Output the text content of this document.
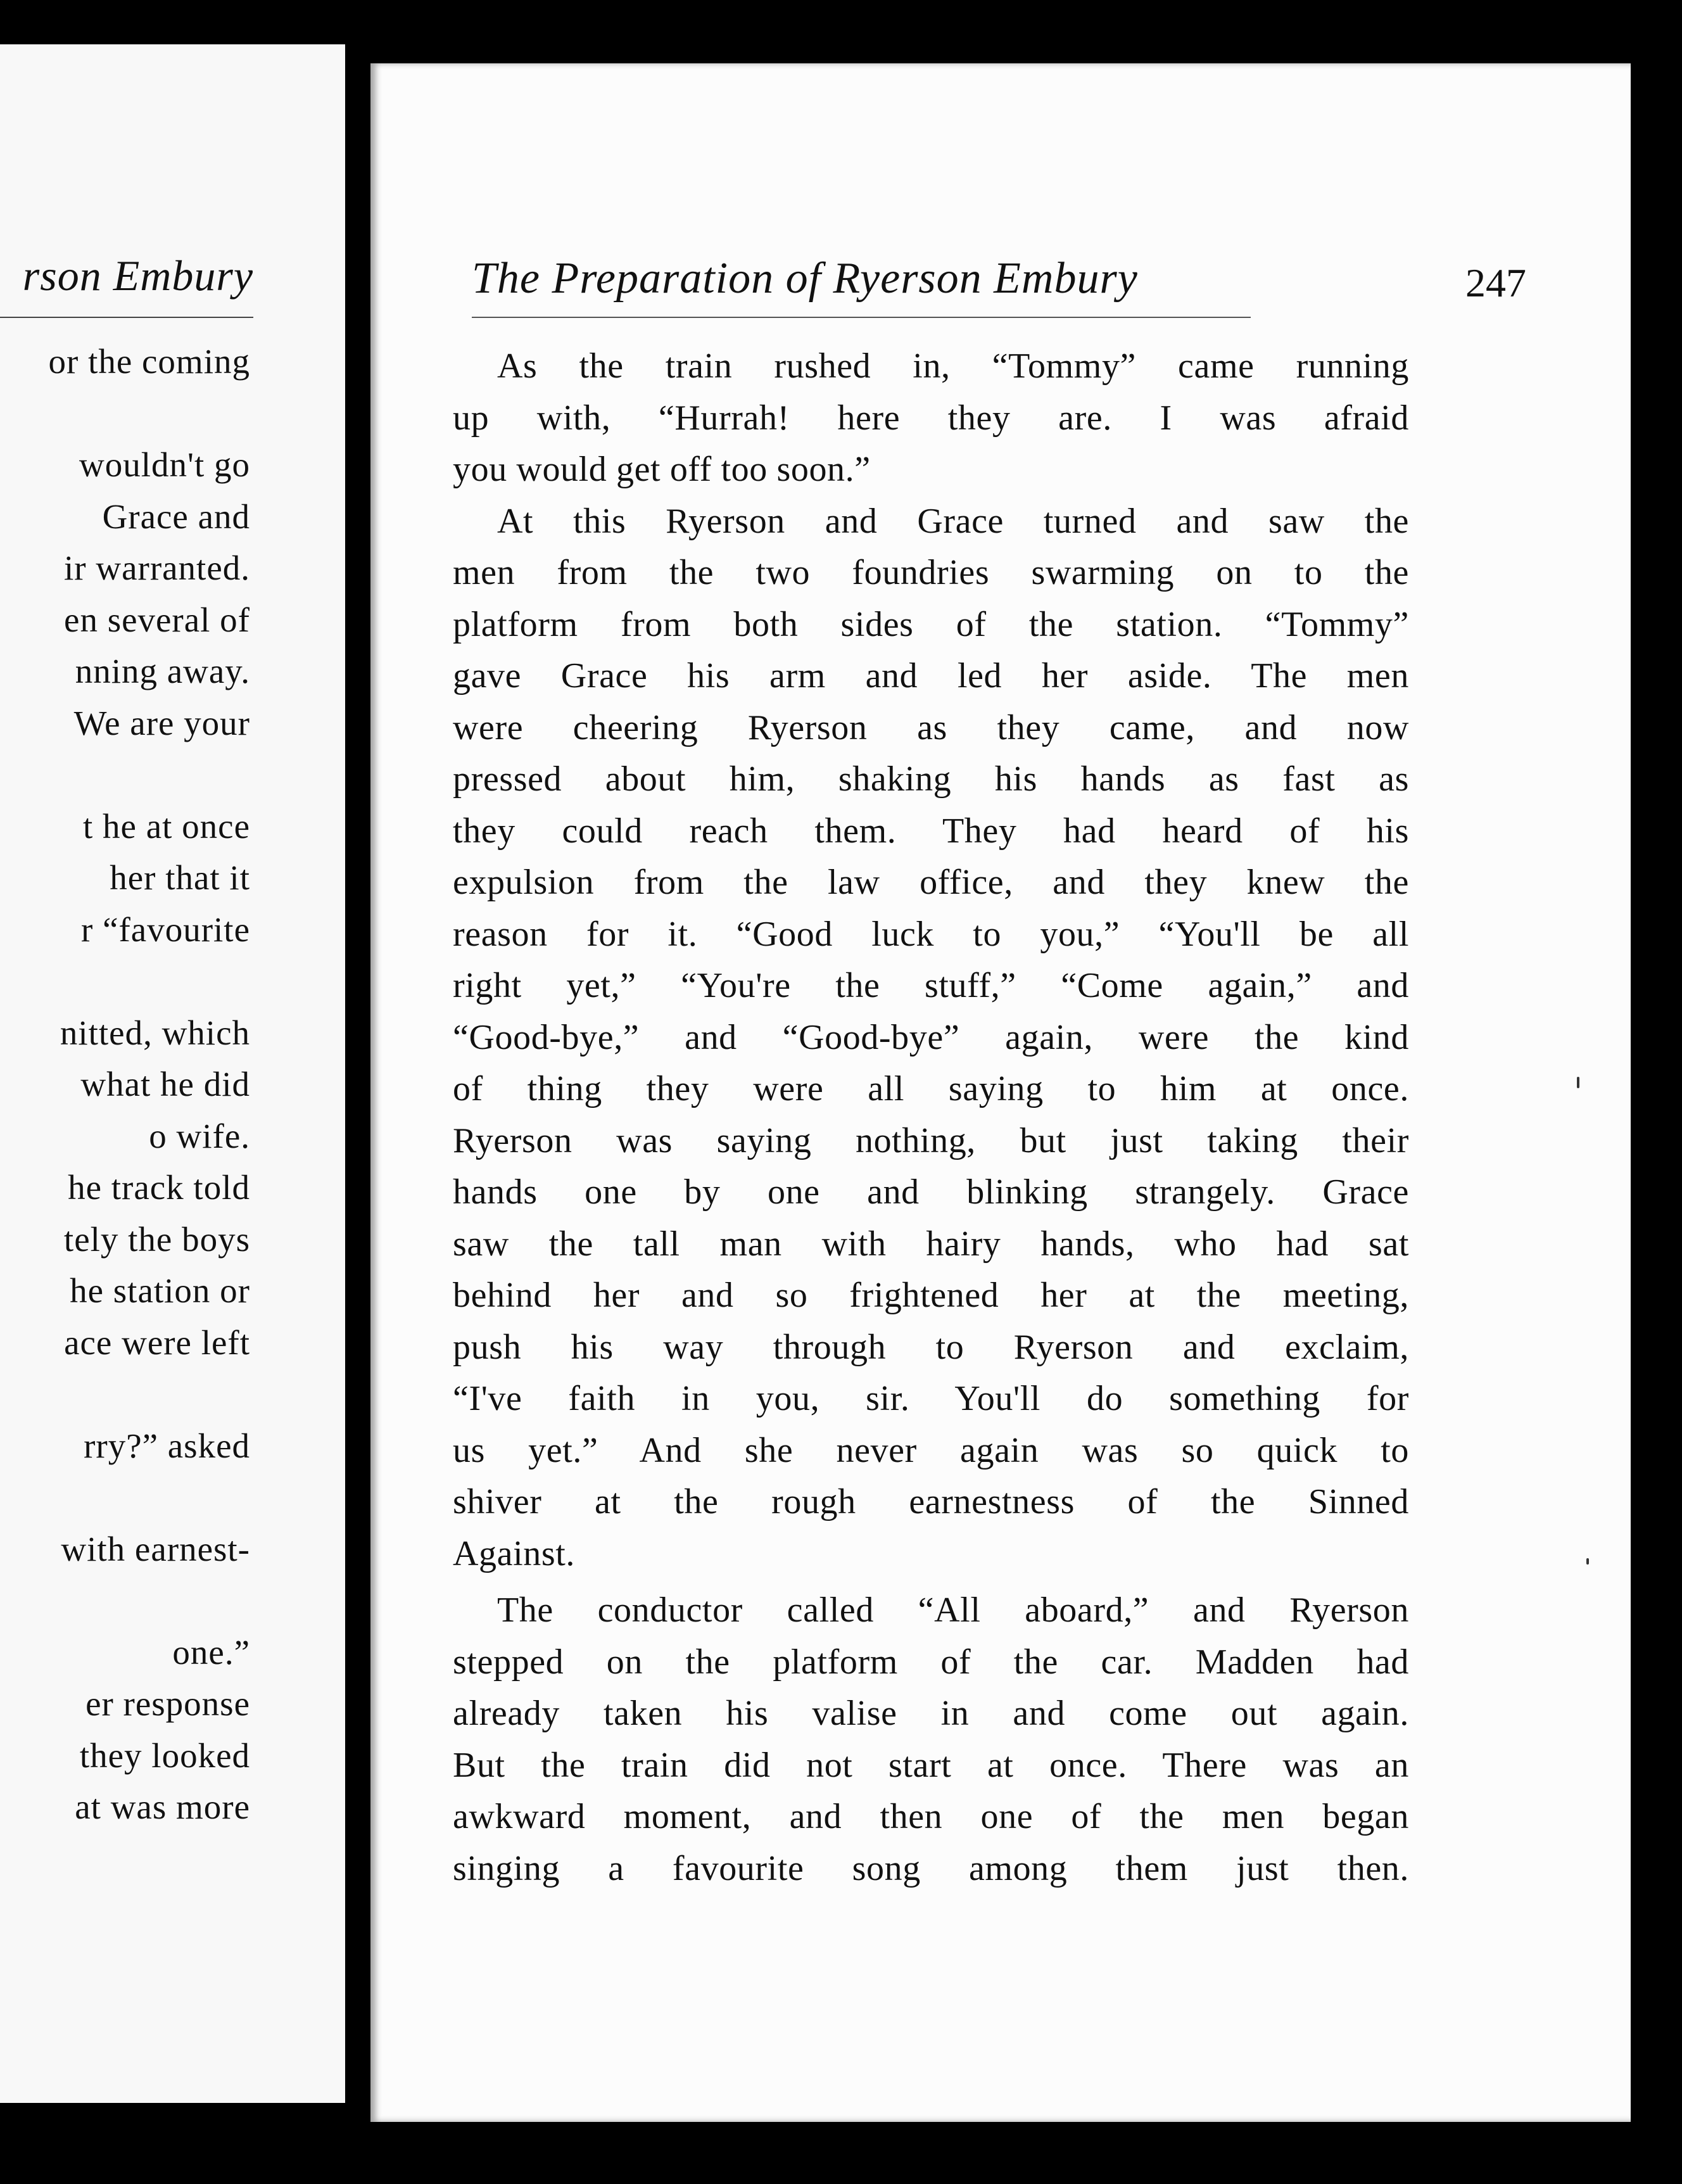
rson Embury
or the coming
wouldn't go
Grace and
ir warranted.
en several of
nning away.
We are your
t he at once
her that it
r “favourite
nitted, which
what he did
o wife.
he track told
tely the boys
he station or
ace were left
rry?” asked
with earnest-
one.”
er response
they looked
at was more
The Preparation of Ryerson Embury	247
As the train rushed in, “Tommy” came running
up with, “Hurrah! here they are. I was afraid
you would get off too soon.”
At this Ryerson and Grace turned and saw the
men from the two foundries swarming on to the
platform from both sides of the station. “Tommy”
gave Grace his arm and led her aside. The men
were cheering Ryerson as they came, and now
pressed about him, shaking his hands as fast as
they could reach them. They had heard of his
expulsion from the law office, and they knew the
reason for it. “Good luck to you,” “You'll be all
right yet,” “You're the stuff,” “Come again,” and
“Good-bye,” and “Good-bye” again, were the kind
of thing they were all saying to him at once.
Ryerson was saying nothing, but just taking their
hands one by one and blinking strangely. Grace
saw the tall man with hairy hands, who had sat
behind her and so frightened her at the meeting,
push his way through to Ryerson and exclaim,
“I've faith in you, sir. You'll do something for
us yet.” And she never again was so quick to
shiver at the rough earnestness of the Sinned
Against.
The conductor called “All aboard,” and Ryerson
stepped on the platform of the car. Madden had
already taken his valise in and come out again.
But the train did not start at once. There was an
awkward moment, and then one of the men began
singing a favourite song among them just then.
